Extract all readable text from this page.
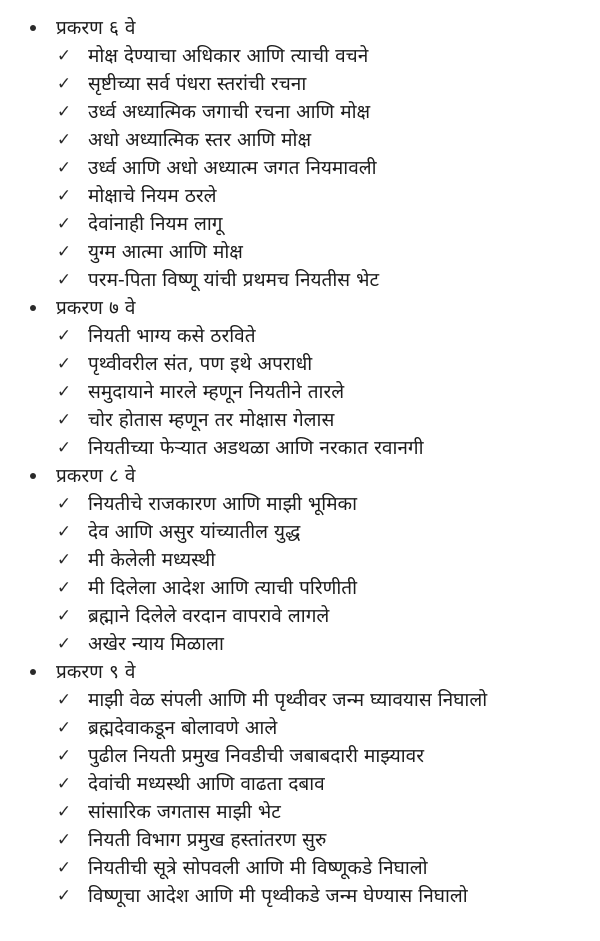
प्रकरण ६ वे
✓ मोक्ष देण्याचा अधिकार आणि त्याची वचने
✓ सृष्टीच्या सर्व पंधरा स्तरांची रचना
✓ उर्ध्व अध्यात्मिक जगाची रचना आणि मोक्ष
✓ अधो अध्यात्मिक स्तर आणि मोक्ष
✓ उर्ध्व आणि अधो अध्यात्म जगत नियमावली
✓ मोक्षाचे नियम ठरले
✓ देवांनाही नियम लागू
✓ युग्म आत्मा आणि मोक्ष
✓ परम-पिता विष्णू यांची प्रथमच नियतीस भेट
प्रकरण ७ वे
✓ नियती भाग्य कसे ठरविते
✓ पृथ्वीवरील संत, पण इथे अपराधी
✓ समुदायाने मारले म्हणून नियतीने तारले
✓ चोर होतास म्हणून तर मोक्षास गेलास
✓ नियतीच्या फेऱ्यात अडथळा आणि नरकात रवानगी
प्रकरण ८ वे
✓ नियतीचे राजकारण आणि माझी भूमिका
✓ देव आणि असुर यांच्यातील युद्ध
✓ मी केलेली मध्यस्थी
✓ मी दिलेला आदेश आणि त्याची परिणीती
✓ ब्रह्माने दिलेले वरदान वापरावे लागले
✓ अखेर न्याय मिळाला
प्रकरण ९ वे
✓ माझी वेळ संपली आणि मी पृथ्वीवर जन्म घ्यावयास निघालो
✓ ब्रह्मदेवाकडून बोलावणे आले
✓ पुढील नियती प्रमुख निवडीची जबाबदारी माझ्यावर
✓ देवांची मध्यस्थी आणि वाढता दबाव
✓ सांसारिक जगतास माझी भेट
✓ नियती विभाग प्रमुख हस्तांतरण सुरु
✓ नियतीची सूत्रे सोपवली आणि मी विष्णूकडे निघालो
✓ विष्णूचा आदेश आणि मी पृथ्वीकडे जन्म घेण्यास निघालो
